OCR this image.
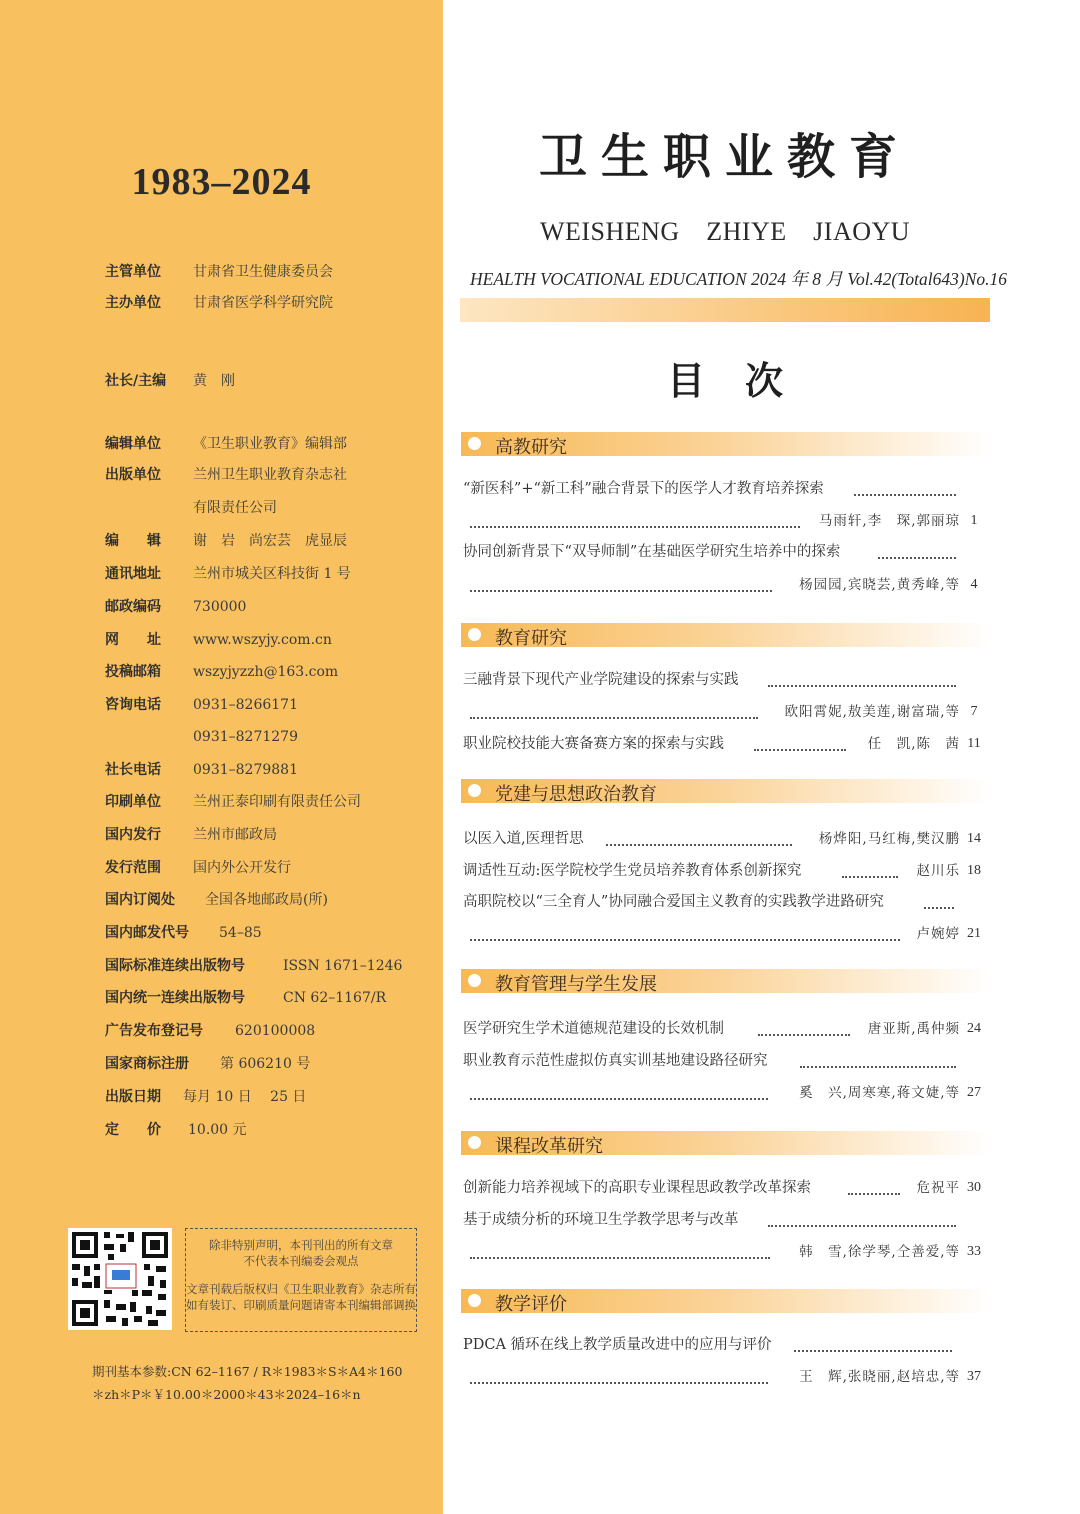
1983–2024
主管单位 甘肃省卫生健康委员会
主办单位 甘肃省医学科学研究院
社长/主编 黄　刚
编辑单位 《卫生职业教育》编辑部
出版单位 兰州卫生职业教育杂志社
有限责任公司
编　　辑 谢　岩　尚宏芸　虎显辰
通讯地址 兰州市城关区科技街 1 号
邮政编码 730000
网　　址 www.wszyjy.com.cn
投稿邮箱 wszyjyzzh@163.com
咨询电话 0931–8266171
0931–8271279
社长电话 0931–8279881
印刷单位 兰州正泰印刷有限责任公司
国内发行 兰州市邮政局
发行范围 国内外公开发行
国内订阅处 全国各地邮政局(所)
国内邮发代号 54–85
国际标准连续出版物号	ISSN 1671–1246
国内统一连续出版物号	CN 62–1167/R
广告发布登记号 620100008
国家商标注册 第 606210 号
出版日期 每月 10 日　 25 日
定　　价 10.00 元
除非特别声明，本刊刊出的所有文章
不代表本刊编委会观点
文章刊载后版权归《卫生职业教育》杂志所有
如有装订、印刷质量问题请寄本刊编辑部调换
期刊基本参数:CN 62–1167 / R＊1983＊S＊A4＊160
＊zh＊P＊￥10.00＊2000＊43＊2024–16＊n
卫生职业教育
WEISHENG　ZHIYE　JIAOYU
HEALTH VOCATIONAL EDUCATION 2024 年 8 月 Vol.42(Total643)No.16
目次
高教研究
“新医科”+“新工科”融合背景下的医学人才教育培养探索
马雨轩,李　琛,郭丽琼 1
协同创新背景下“双导师制”在基础医学研究生培养中的探索
杨园园,宾晓芸,黄秀峰,等 4
教育研究
三融背景下现代产业学院建设的探索与实践
欧阳霄妮,敖美莲,谢富瑞,等 7
职业院校技能大赛备赛方案的探索与实践	任　凯,陈　茜 11
党建与思想政治教育
以医入道,医理哲思	杨烨阳,马红梅,樊汉鹏 14
调适性互动:医学院校学生党员培养教育体系创新探究	赵川乐 18
高职院校以“三全育人”协同融合爱国主义教育的实践教学进路研究
卢婉婷 21
教育管理与学生发展
医学研究生学术道德规范建设的长效机制	唐亚斯,禹仲频 24
职业教育示范性虚拟仿真实训基地建设路径研究
奚　兴,周寒寒,蒋文婕,等 27
课程改革研究
创新能力培养视域下的高职专业课程思政教学改革探索	危祝平 30
基于成绩分析的环境卫生学教学思考与改革
韩　雪,徐学琴,仝善爱,等 33
教学评价
PDCA 循环在线上教学质量改进中的应用与评价
王　辉,张晓丽,赵培忠,等 37
